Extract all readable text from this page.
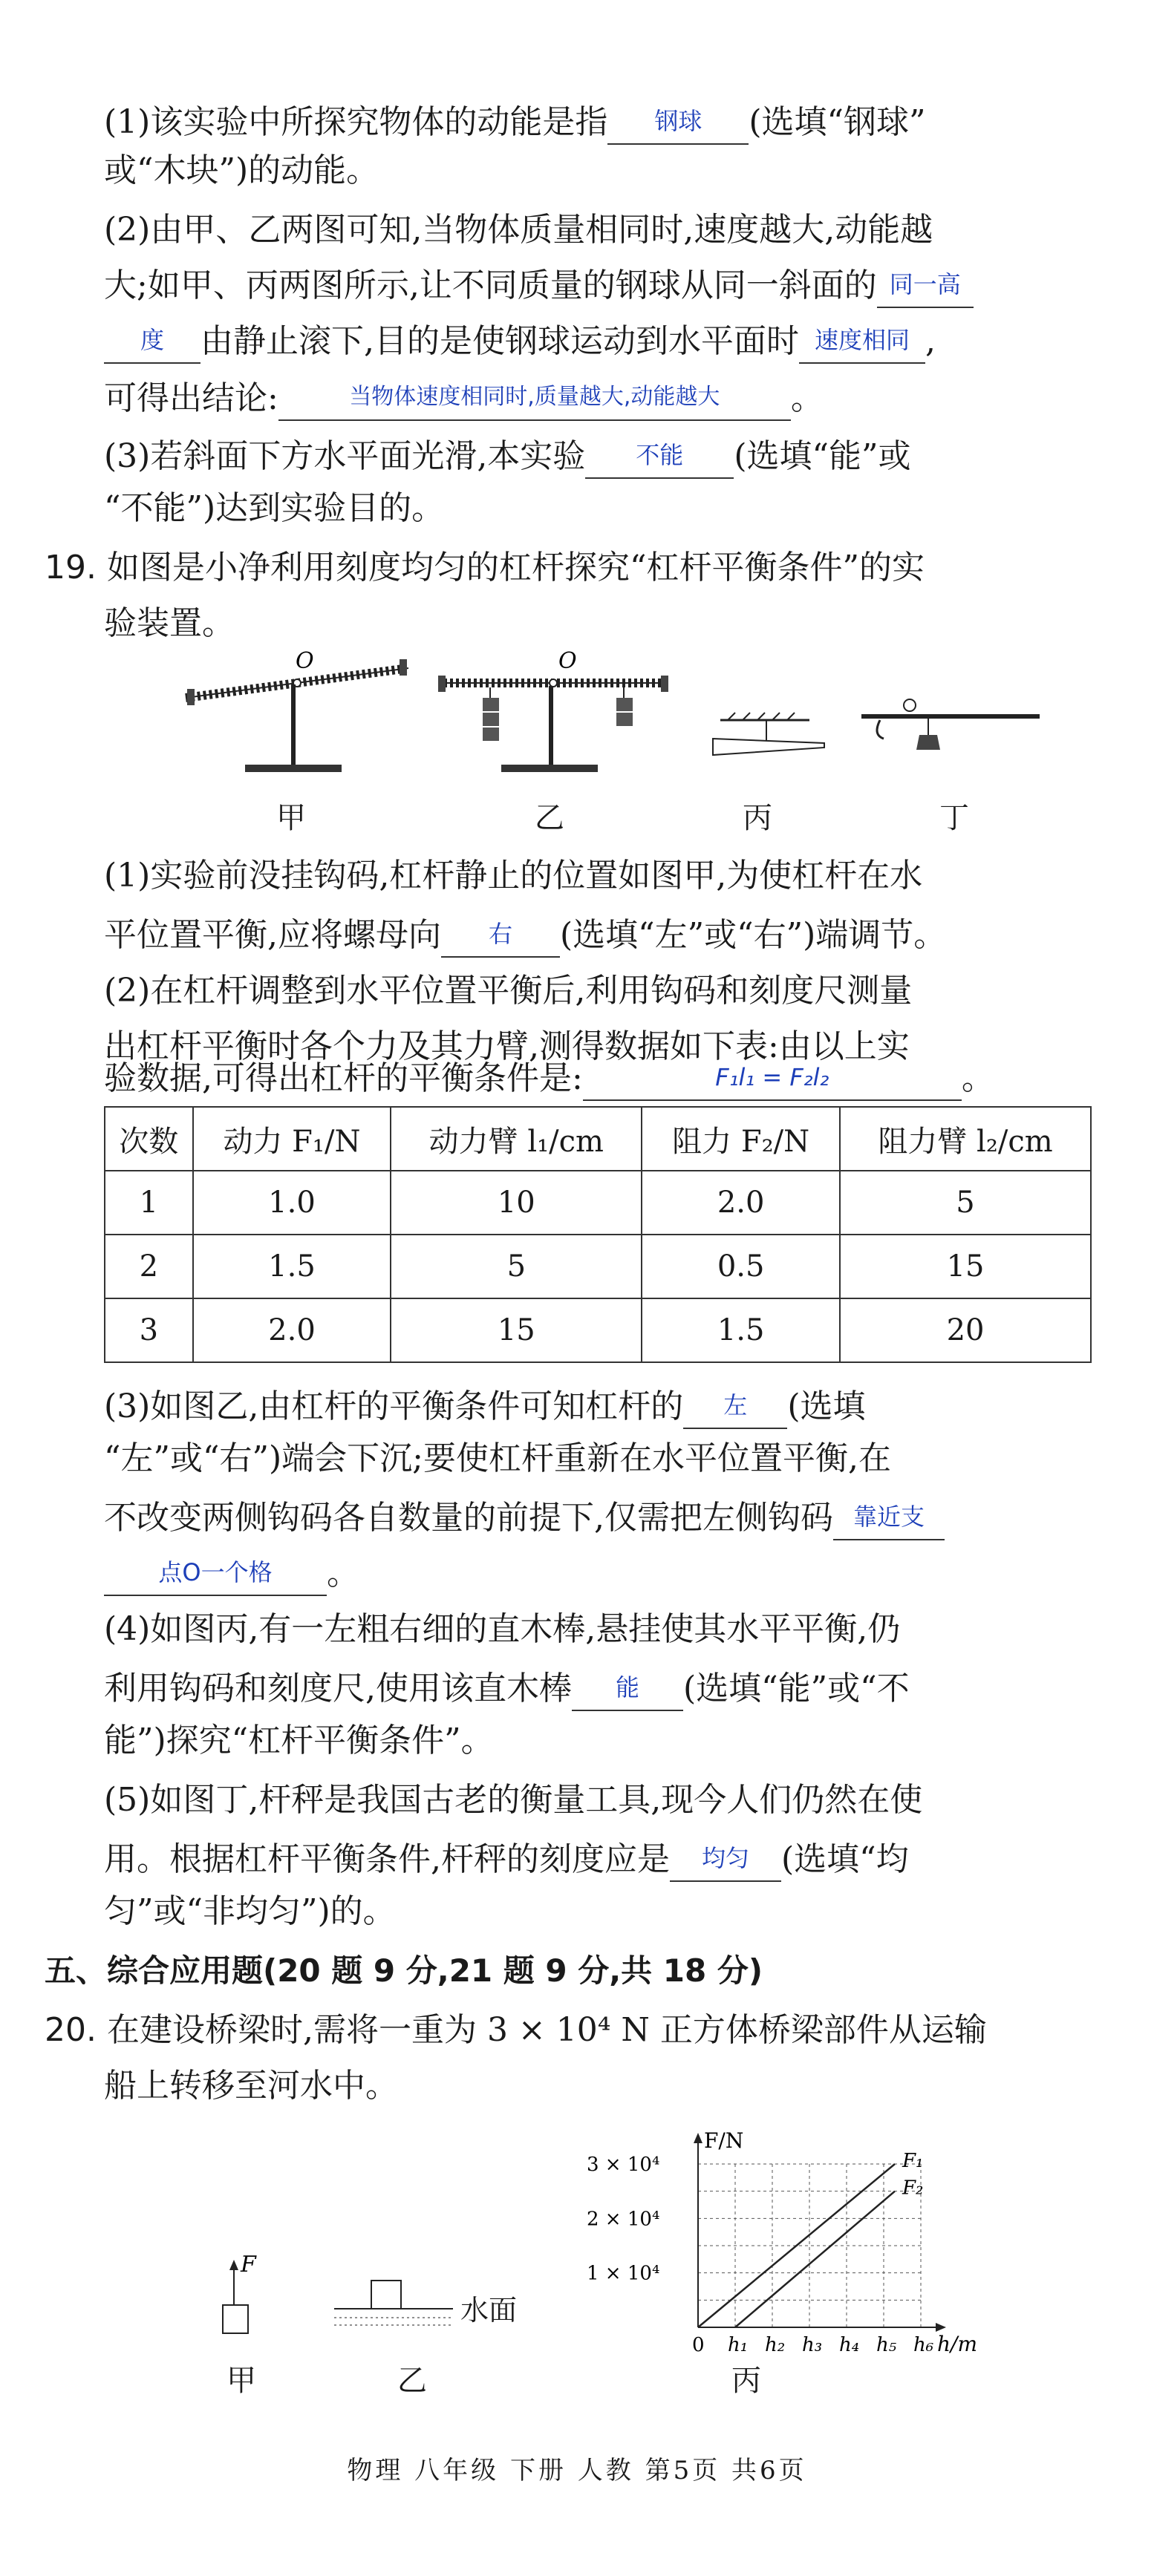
(1)该实验中所探究物体的动能是指 钢球 (选填“钢球”
或“木块”)的动能。
(2)由甲、乙两图可知,当物体质量相同时,速度越大,动能越
大;如甲、丙两图所示,让不同质量的钢球从同一斜面的 同一高
度 由静止滚下,目的是使钢球运动到水平面时 速度相同 ,
可得出结论:	当物体速度相同时,质量越大,动能越大 。
(3)若斜面下方水平面光滑,本实验 不能 (选填“能”或
“不能”)达到实验目的。
19. 如图是小净利用刻度均匀的杠杆探究“杠杆平衡条件”的实
验装置。
O	O
甲	乙	丙	丁
(1)实验前没挂钩码,杠杆静止的位置如图甲,为使杠杆在水
平位置平衡,应将螺母向 右 (选填“左”或“右”)端调节。
(2)在杠杆调整到水平位置平衡后,利用钩码和刻度尺测量
出杠杆平衡时各个力及其力臂,测得数据如下表:由以上实
验数据,可得出杠杆的平衡条件是:	F₁l₁ = F₂l₂	。
次数	动力 F₁/N	动力臂 l₁/cm	阻力 F₂/N	阻力臂 l₂/cm
1	1.0	10	2.0	5
2	1.5	5	0.5	15
3	2.0	15	1.5	20
(3)如图乙,由杠杆的平衡条件可知杠杆的 左 (选填
“左”或“右”)端会下沉;要使杠杆重新在水平位置平衡,在
不改变两侧钩码各自数量的前提下,仅需把左侧钩码 靠近支
点O一个格 。
(4)如图丙,有一左粗右细的直木棒,悬挂使其水平平衡,仍
利用钩码和刻度尺,使用该直木棒 能 (选填“能”或“不
能”)探究“杠杆平衡条件”。
(5)如图丁,杆秤是我国古老的衡量工具,现今人们仍然在使
用。根据杠杆平衡条件,杆秤的刻度应是 均匀 (选填“均
匀”或“非均匀”)的。
五、综合应用题(20 题 9 分,21 题 9 分,共 18 分)
20. 在建设桥梁时,需将一重为 3 × 10⁴ N 正方体桥梁部件从运输
船上转移至河水中。
F
甲
水面
乙
0 h₁ h₂ h₃ h₄ h₅ h₆
1 × 10⁴
2 × 10⁴
3 × 10⁴	F₁
F₂
F/N
h/m
丙
物理 八年级 下册 人教 第5页 共6页
